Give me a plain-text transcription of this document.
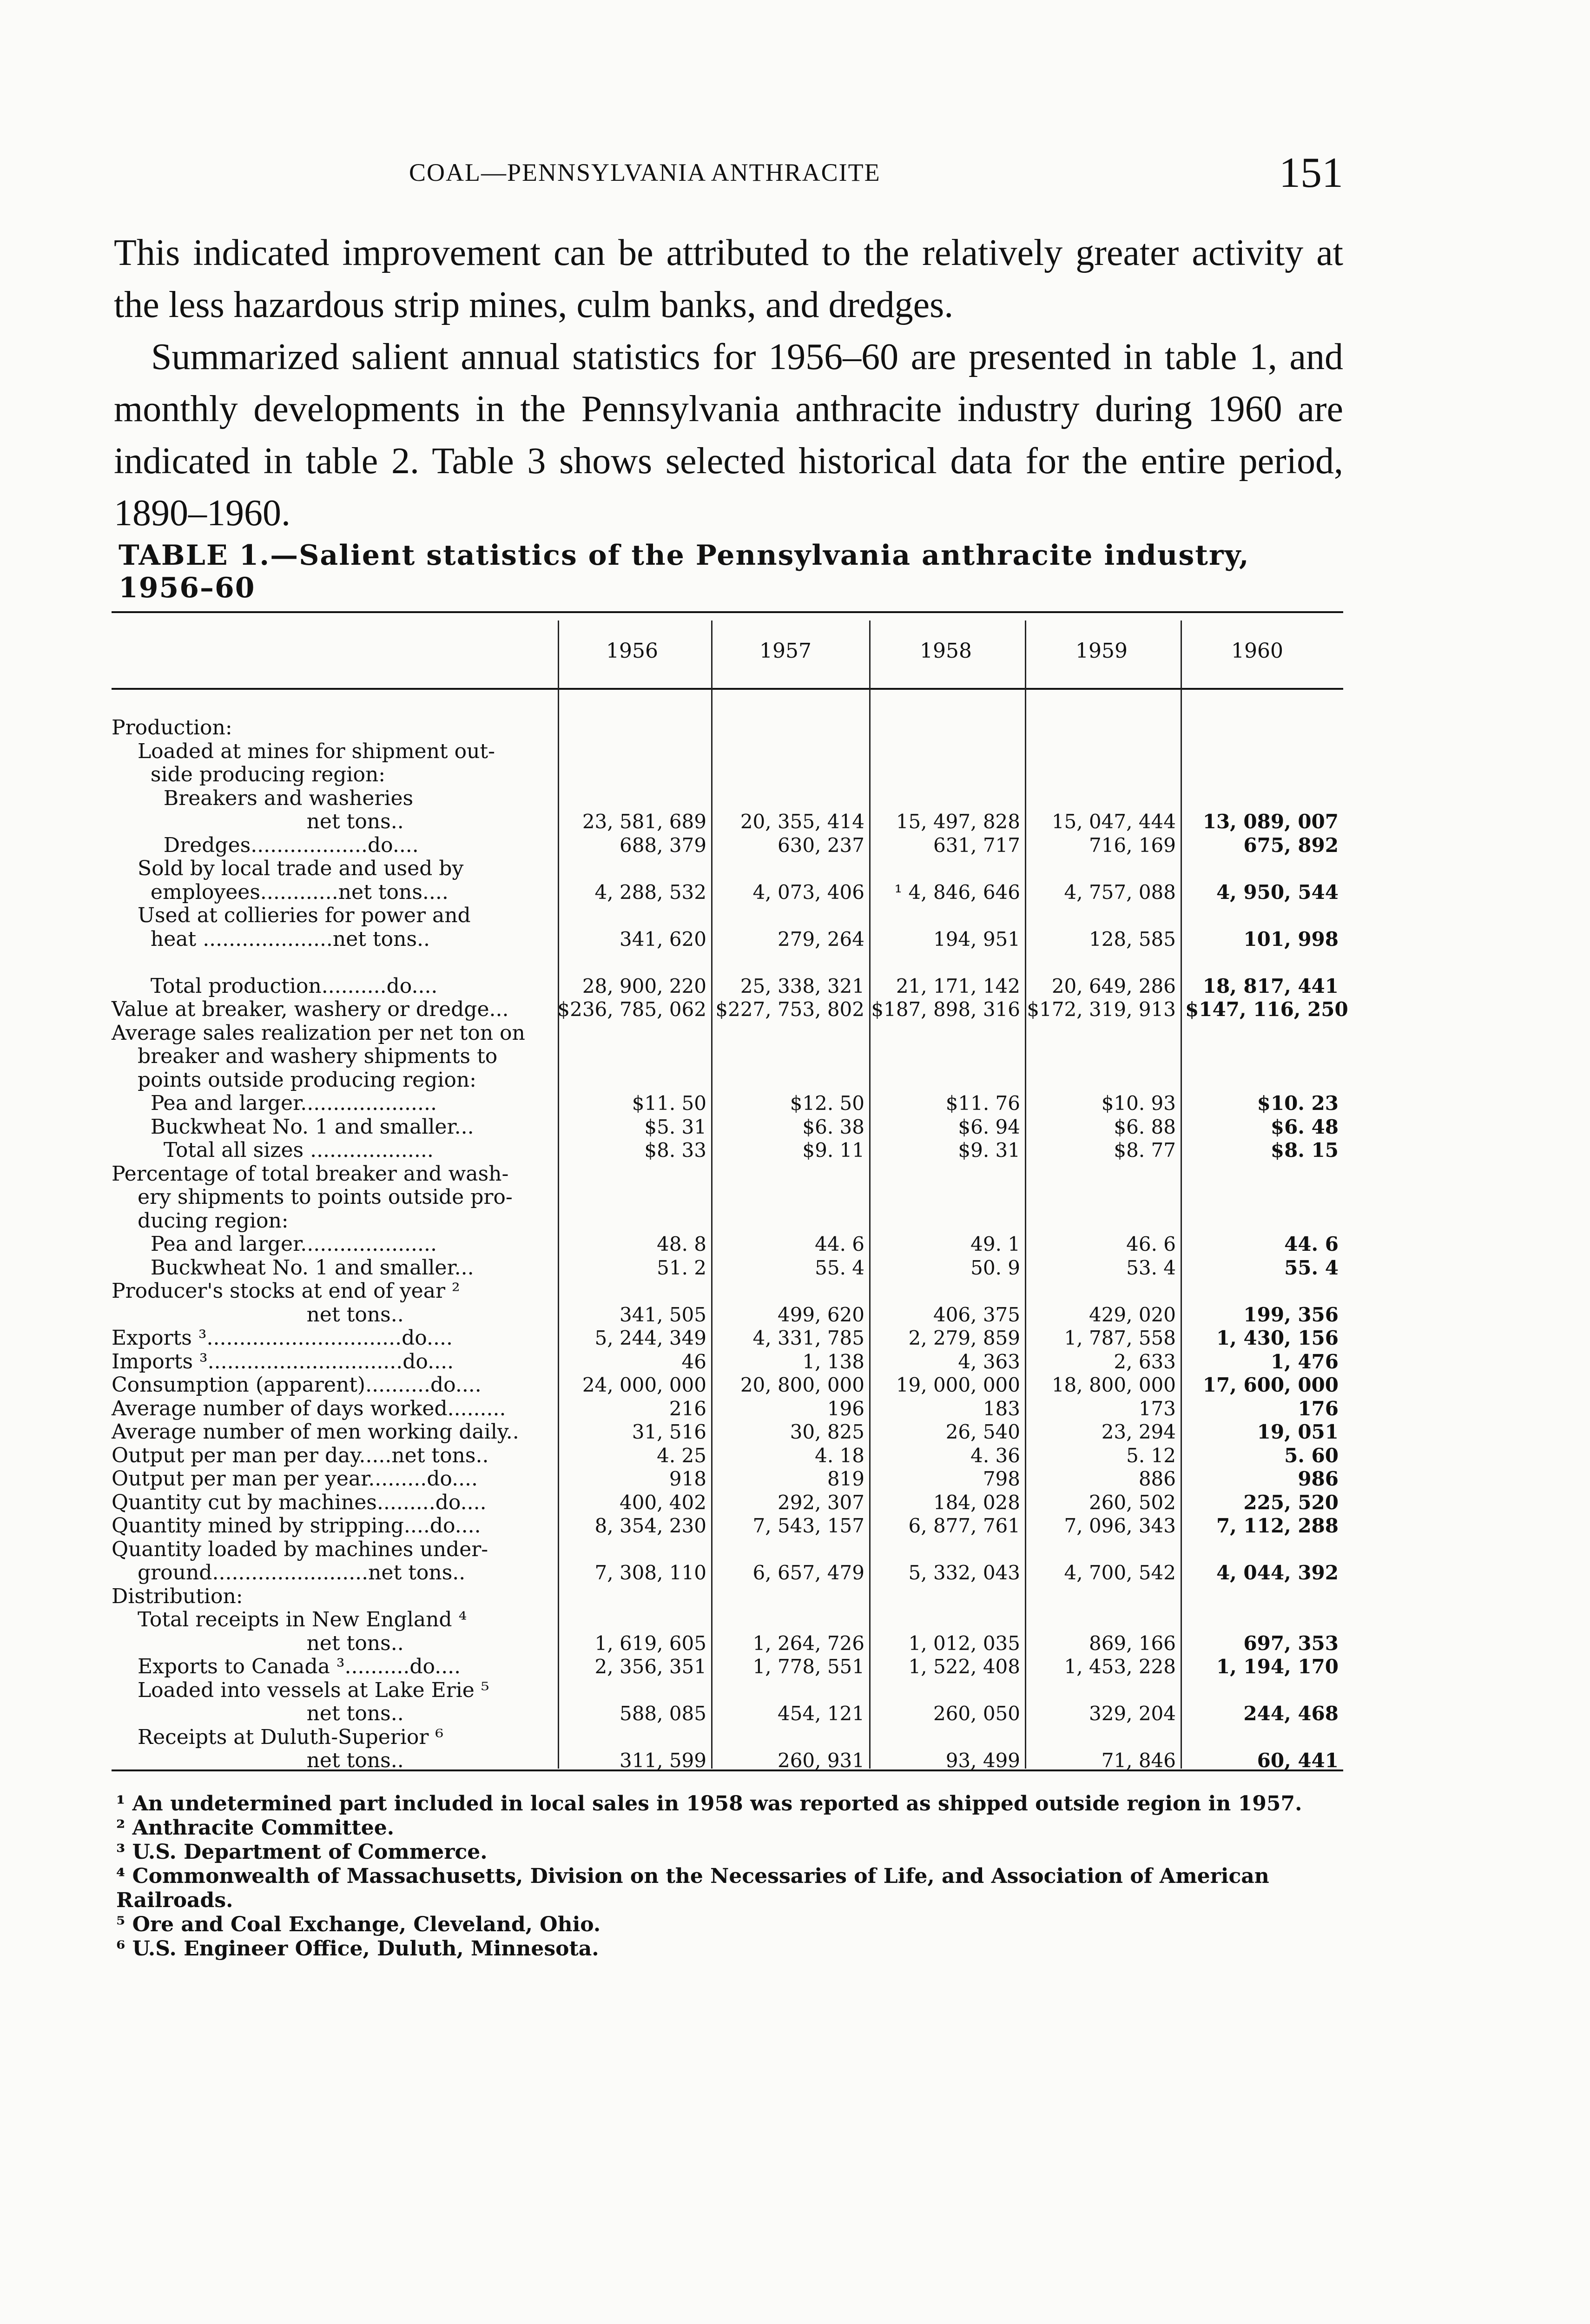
COAL—PENNSYLVANIA ANTHRACITE	151

This indicated improvement can be attributed to the relatively greater activity at the less hazardous strip mines, culm banks, and dredges.

Summarized salient annual statistics for 1956–60 are presented in table 1, and monthly developments in the Pennsylvania anthracite industry during 1960 are indicated in table 2. Table 3 shows selected historical data for the entire period, 1890–1960.

TABLE 1.—Salient statistics of the Pennsylvania anthracite industry, 1956–60
1956	1957	1958	1959	1960
Production:
Loaded at mines for shipment out-
side producing region:
Breakers and washeries
net tons..	23, 581, 689	20, 355, 414	15, 497, 828	15, 047, 444	13, 089, 007
Dredges..................do....	688, 379	630, 237	631, 717	716, 169	675, 892
Sold by local trade and used by
employees............net tons....	4, 288, 532	4, 073, 406	¹ 4, 846, 646	4, 757, 088	4, 950, 544
Used at collieries for power and
heat ....................net tons..	341, 620	279, 264	194, 951	128, 585	101, 998
Total production..........do....	28, 900, 220	25, 338, 321	21, 171, 142	20, 649, 286	18, 817, 441
Value at breaker, washery or dredge...	$236, 785, 062 $227, 753, 802 $187, 898, 316 $172, 319, 913 $147, 116, 250
Average sales realization per net ton on
breaker and washery shipments to
points outside producing region:
Pea and larger.....................	$11. 50	$12. 50	$11. 76	$10. 93	$10. 23
Buckwheat No. 1 and smaller...	$5. 31	$6. 38	$6. 94	$6. 88	$6. 48
Total all sizes ...................	$8. 33	$9. 11	$9. 31	$8. 77	$8. 15
Percentage of total breaker and wash-
ery shipments to points outside pro-
ducing region:
Pea and larger.....................	48. 8	44. 6	49. 1	46. 6	44. 6
Buckwheat No. 1 and smaller...	51. 2	55. 4	50. 9	53. 4	55. 4
Producer's stocks at end of year ²
net tons..	341, 505	499, 620	406, 375	429, 020	199, 356
Exports ³..............................do....	5, 244, 349	4, 331, 785	2, 279, 859	1, 787, 558	1, 430, 156
Imports ³..............................do....	46	1, 138	4, 363	2, 633	1, 476
Consumption (apparent)..........do....	24, 000, 000	20, 800, 000	19, 000, 000	18, 800, 000	17, 600, 000
Average number of days worked.........	216	196	183	173	176
Average number of men working daily..	31, 516	30, 825	26, 540	23, 294	19, 051
Output per man per day.....net tons..	4. 25	4. 18	4. 36	5. 12	5. 60
Output per man per year.........do....	918	819	798	886	986
Quantity cut by machines.........do....	400, 402	292, 307	184, 028	260, 502	225, 520
Quantity mined by stripping....do....	8, 354, 230	7, 543, 157	6, 877, 761	7, 096, 343	7, 112, 288
Quantity loaded by machines under-
ground........................net tons..	7, 308, 110	6, 657, 479	5, 332, 043	4, 700, 542	4, 044, 392
Distribution:
Total receipts in New England ⁴
net tons..	1, 619, 605	1, 264, 726	1, 012, 035	869, 166	697, 353
Exports to Canada ³..........do....	2, 356, 351	1, 778, 551	1, 522, 408	1, 453, 228	1, 194, 170
Loaded into vessels at Lake Erie ⁵
net tons..	588, 085	454, 121	260, 050	329, 204	244, 468
Receipts at Duluth-Superior ⁶
net tons..	311, 599	260, 931	93, 499	71, 846	60, 441
¹ An undetermined part included in local sales in 1958 was reported as shipped outside region in 1957.
² Anthracite Committee.
³ U.S. Department of Commerce.
⁴ Commonwealth of Massachusetts, Division on the Necessaries of Life, and Association of American
Railroads.
⁵ Ore and Coal Exchange, Cleveland, Ohio.
⁶ U.S. Engineer Office, Duluth, Minnesota.
